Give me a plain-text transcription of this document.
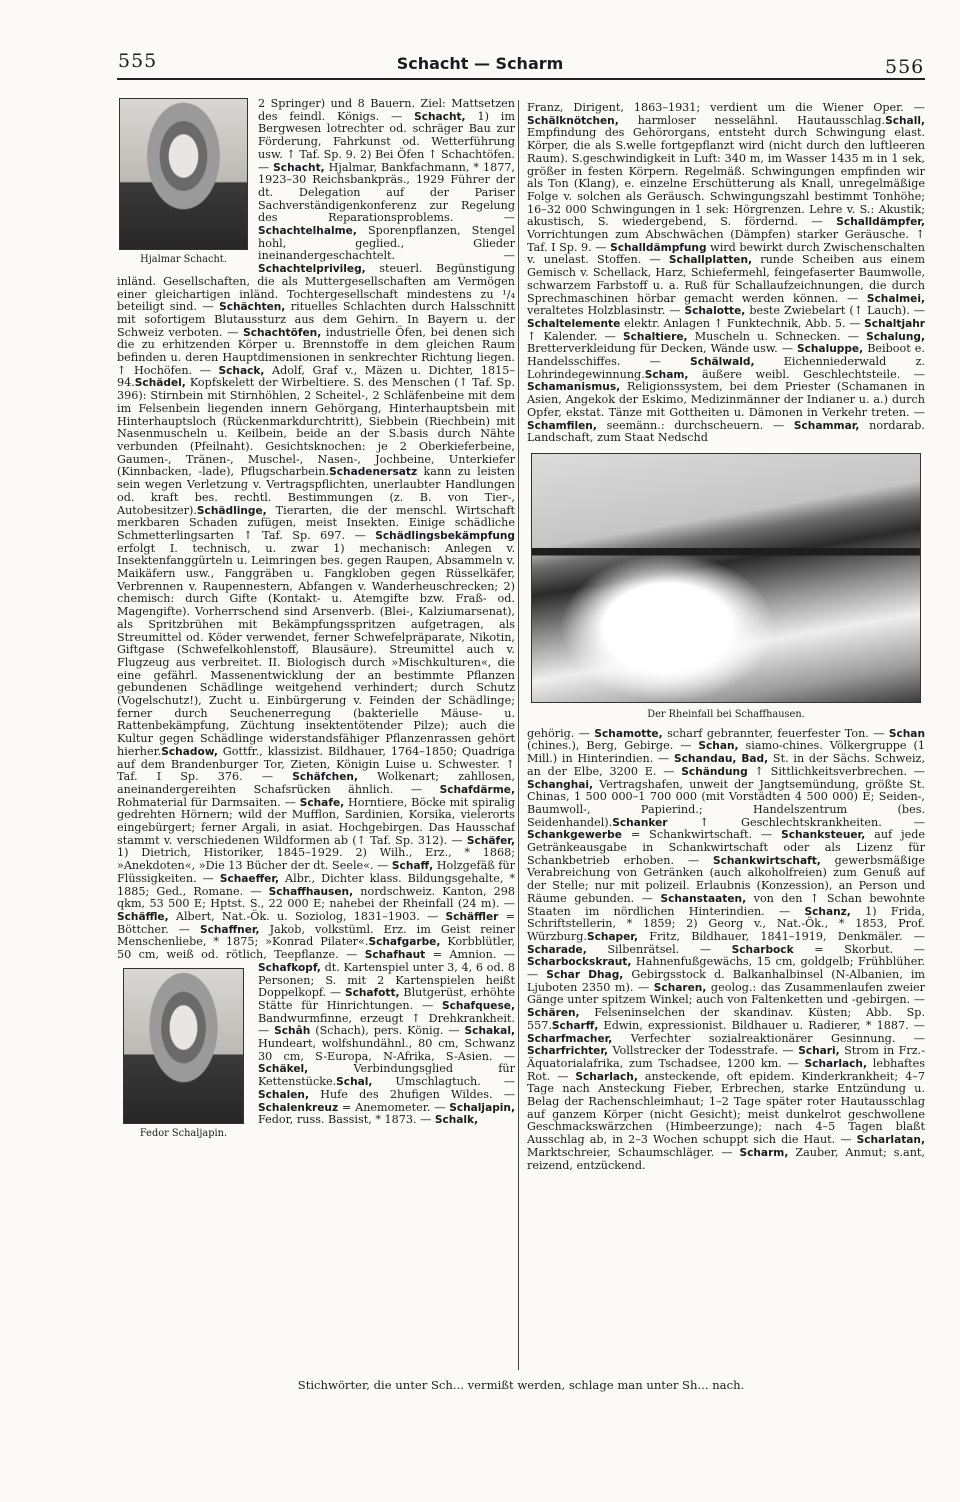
555	Schacht — Scharm	556
Hjalmar Schacht.

2 Springer) und 8 Bauern. Ziel: Mattsetzen des feindl. Königs. — Schacht, 1) im Bergwesen lotrechter od. schräger Bau zur Förderung, Fahrkunst od. Wetterführung usw. ↑ Taf. Sp. 9. 2) Bei Öfen ↑ Schachtöfen. — Schacht, Hjalmar, Bankfachmann, * 1877, 1923–30 Reichsbankpräs., 1929 Führer der dt. Delegation auf der Pariser Sachverständigenkonferenz zur Regelung des Reparationsproblems. — Schachtelhalme, Sporenpflanzen, Stengel hohl, geglied., Glieder ineinandergeschachtelt. — Schachtelprivileg, steuerl. Begünstigung inländ. Gesellschaften, die als Muttergesellschaften am Vermögen einer gleichartigen inländ. Tochtergesellschaft mindestens zu ¹/₄ beteiligt sind. — Schächten, rituelles Schlachten durch Halsschnitt mit sofortigem Blutaussturz aus dem Gehirn. In Bayern u. der Schweiz verboten. — Schachtöfen, industrielle Öfen, bei denen sich die zu erhitzenden Körper u. Brennstoffe in dem gleichen Raum befinden u. deren Hauptdimensionen in senkrechter Richtung liegen. ↑ Hochöfen. — Schack, Adolf, Graf v., Mäzen u. Dichter, 1815–94.Schädel, Kopfskelett der Wirbeltiere. S. des Menschen (↑ Taf. Sp. 396): Stirnbein mit Stirnhöhlen, 2 Scheitel-, 2 Schläfenbeine mit dem im Felsenbein liegenden innern Gehörgang, Hinterhauptsbein mit Hinterhauptsloch (Rückenmarkdurchtritt), Siebbein (Riechbein) mit Nasenmuscheln u. Keilbein, beide an der S.basis durch Nähte verbunden (Pfeilnaht). Gesichtsknochen: je 2 Oberkieferbeine, Gaumen-, Tränen-, Muschel-, Nasen-, Jochbeine, Unterkiefer (Kinnbacken, -lade), Pflugscharbein.Schadenersatz kann zu leisten sein wegen Verletzung v. Vertragspflichten, unerlaubter Handlungen od. kraft bes. rechtl. Bestimmungen (z. B. von Tier-, Autobesitzer).Schädlinge, Tierarten, die der menschl. Wirtschaft merkbaren Schaden zufügen, meist Insekten. Einige schädliche Schmetterlingsarten ↑ Taf. Sp. 697. — Schädlingsbekämpfung erfolgt I. technisch, u. zwar 1) mechanisch: Anlegen v. Insektenfanggürteln u. Leimringen bes. gegen Raupen, Absammeln v. Maikäfern usw., Fanggräben u. Fangkloben gegen Rüsselkäfer, Verbrennen v. Raupennestern, Abfangen v. Wanderheuschrecken; 2) chemisch: durch Gifte (Kontakt- u. Atemgifte bzw. Fraß- od. Magengifte). Vorherrschend sind Arsenverb. (Blei-, Kalziumarsenat), als Spritzbrühen mit Bekämpfungsspritzen aufgetragen, als Streumittel od. Köder verwendet, ferner Schwefelpräparate, Nikotin, Giftgase (Schwefelkohlenstoff, Blausäure). Streumittel auch v. Flugzeug aus verbreitet. II. Biologisch durch »Mischkulturen«, die eine gefährl. Massenentwicklung der an bestimmte Pflanzen gebundenen Schädlinge weitgehend verhindert; durch Schutz (Vogelschutz!), Zucht u. Einbürgerung v. Feinden der Schädlinge; ferner durch Seuchenerregung (bakterielle Mäuse- u. Rattenbekämpfung, Züchtung insektentötender Pilze); auch die Kultur gegen Schädlinge widerstandsfähiger Pflanzenrassen gehört hierher.Schadow, Gottfr., klassizist. Bildhauer, 1764–1850; Quadriga auf dem Brandenburger Tor, Zieten, Königin Luise u. Schwester. ↑ Taf. I Sp. 376. — Schäfchen, Wolkenart; zahllosen, aneinandergereihten Schafsrücken ähnlich. — Schafdärme, Rohmaterial für Darmsaiten. — Schafe, Horntiere, Böcke mit spiralig gedrehten Hörnern; wild der Mufflon, Sardinien, Korsika, vielerorts eingebürgert; ferner Argali, in asiat. Hochgebirgen. Das Hausschaf stammt v. verschiedenen Wildformen ab (↑ Taf. Sp. 312). — Schäfer, 1) Dietrich, Historiker, 1845–1929. 2) Wilh., Erz., * 1868; »Anekdoten«, »Die 13 Bücher der dt. Seele«. — Schaff, Holzgefäß für Flüssigkeiten. — Schaeffer, Albr., Dichter klass. Bildungsgehalte, * 1885; Ged., Romane. — Schaffhausen, nordschweiz. Kanton, 298 qkm, 53 500 E; Hptst. S., 22 000 E; nahebei der Rheinfall (24 m). — Schäffle, Albert, Nat.-Ök. u. Soziolog, 1831–1903. — Schäffler = Böttcher. — Schaffner, Jakob, volkstüml. Erz. im Geist reiner Menschenliebe, * 1875; »Konrad Pilater«.Schafgarbe, Korbblütler, 50 cm, weiß od. rötlich, Teepflanze. — Schafhaut = Amnion. —
Fedor Schaljapin.
Schafkopf, dt. Kartenspiel unter 3, 4, 6 od. 8 Personen; S. mit 2 Kartenspielen heißt Doppelkopf. — Schafott, Blutgerüst, erhöhte Stätte für Hinrichtungen. — Schafquese, Bandwurmfinne, erzeugt ↑ Drehkrankheit. — Schâh (Schach), pers. König. — Schakal, Hundeart, wolfshundähnl., 80 cm, Schwanz 30 cm, S-Europa, N-Afrika, S-Asien. — Schäkel, Verbindungsglied für Kettenstücke.Schal, Umschlagtuch. — Schalen, Hufe des 2hufigen Wildes. — Schalenkreuz = Anemometer. — Schaljapin, Fedor, russ. Bassist, * 1873. — Schalk,

Franz, Dirigent, 1863–1931; verdient um die Wiener Oper. — Schälknötchen, harmloser nesselähnl. Hautausschlag.Schall, Empfindung des Gehörorgans, entsteht durch Schwingung elast. Körper, die als S.welle fortgepflanzt wird (nicht durch den luftleeren Raum). S.geschwindigkeit in Luft: 340 m, im Wasser 1435 m in 1 sek, größer in festen Körpern. Regelmäß. Schwingungen empfinden wir als Ton (Klang), e. einzelne Erschütterung als Knall, unregelmäßige Folge v. solchen als Geräusch. Schwingungszahl bestimmt Tonhöhe; 16–32 000 Schwingungen in 1 sek: Hörgrenzen. Lehre v. S.: Akustik; akustisch, S. wiedergebend, S. fördernd. — Schalldämpfer, Vorrichtungen zum Abschwächen (Dämpfen) starker Geräusche. ↑ Taf. I Sp. 9. — Schalldämpfung wird bewirkt durch Zwischenschalten v. unelast. Stoffen. — Schallplatten, runde Scheiben aus einem Gemisch v. Schellack, Harz, Schiefermehl, feingefaserter Baumwolle, schwarzem Farbstoff u. a. Ruß für Schallaufzeichnungen, die durch Sprechmaschinen hörbar gemacht werden können. — Schalmei, veraltetes Holzblasinstr. — Schalotte, beste Zwiebelart (↑ Lauch). — Schaltelemente elektr. Anlagen ↑ Funktechnik, Abb. 5. — Schaltjahr ↑ Kalender. — Schaltiere, Muscheln u. Schnecken. — Schalung, Bretterverkleidung für Decken, Wände usw. — Schaluppe, Beiboot e. Handelsschiffes. — Schälwald, Eichenniederwald z. Lohrindegewinnung.Scham, äußere weibl. Geschlechtsteile. — Schamanismus, Religionssystem, bei dem Priester (Schamanen in Asien, Angekok der Eskimo, Medizinmänner der Indianer u. a.) durch Opfer, ekstat. Tänze mit Gottheiten u. Dämonen in Verkehr treten. — Schamfilen, seemänn.: durchscheuern. — Schammar, nordarab. Landschaft, zum Staat Nedschd

Der Rheinfall bei Schaffhausen.

gehörig. — Schamotte, scharf gebrannter, feuerfester Ton. — Schan (chines.), Berg, Gebirge. — Schan, siamo-chines. Völkergruppe (1 Mill.) in Hinterindien. — Schandau, Bad, St. in der Sächs. Schweiz, an der Elbe, 3200 E. — Schändung ↑ Sittlichkeitsverbrechen. — Schanghai, Vertragshafen, unweit der Jangtsemündung, größte St. Chinas, 1 500 000–1 700 000 (mit Vorstädten 4 500 000) E; Seiden-, Baumwoll-, Papierind.; Handelszentrum (bes. Seidenhandel).Schanker ↑ Geschlechtskrankheiten. — Schankgewerbe = Schankwirtschaft. — Schanksteuer, auf jede Getränkeausgabe in Schankwirtschaft oder als Lizenz für Schankbetrieb erhoben. — Schankwirtschaft, gewerbsmäßige Verabreichung von Getränken (auch alkoholfreien) zum Genuß auf der Stelle; nur mit polizeil. Erlaubnis (Konzession), an Person und Räume gebunden. — Schanstaaten, von den ↑ Schan bewohnte Staaten im nördlichen Hinterindien. — Schanz, 1) Frida, Schriftstellerin, * 1859; 2) Georg v., Nat.-Ök., * 1853, Prof. Würzburg.Schaper, Fritz, Bildhauer, 1841–1919, Denkmäler. — Scharade, Silbenrätsel. — Scharbock = Skorbut. — Scharbockskraut, Hahnenfußgewächs, 15 cm, goldgelb; Frühblüher. — Schar Dhag, Gebirgsstock d. Balkanhalbinsel (N-Albanien, im Ljuboten 2350 m). — Scharen, geolog.: das Zusammenlaufen zweier Gänge unter spitzem Winkel; auch von Faltenketten und -gebirgen. — Schären, Felseninselchen der skandinav. Küsten; Abb. Sp. 557.Scharff, Edwin, expressionist. Bildhauer u. Radierer, * 1887. — Scharfmacher, Verfechter sozialreaktionärer Gesinnung. — Scharfrichter, Vollstrecker der Todesstrafe. — Schari, Strom in Frz.-Äquatorialafrika, zum Tschadsee, 1200 km. — Scharlach, lebhaftes Rot. — Scharlach, ansteckende, oft epidem. Kinderkrankheit; 4–7 Tage nach Ansteckung Fieber, Erbrechen, starke Entzündung u. Belag der Rachenschleimhaut; 1–2 Tage später roter Hautausschlag auf ganzem Körper (nicht Gesicht); meist dunkelrot geschwollene Geschmackswärzchen (Himbeerzunge); nach 4–5 Tagen blaßt Ausschlag ab, in 2–3 Wochen schuppt sich die Haut. — Scharlatan, Marktschreier, Schaumschläger. — Scharm, Zauber, Anmut; s.ant, reizend, entzückend.

Stichwörter, die unter Sch... vermißt werden, schlage man unter Sh... nach.
